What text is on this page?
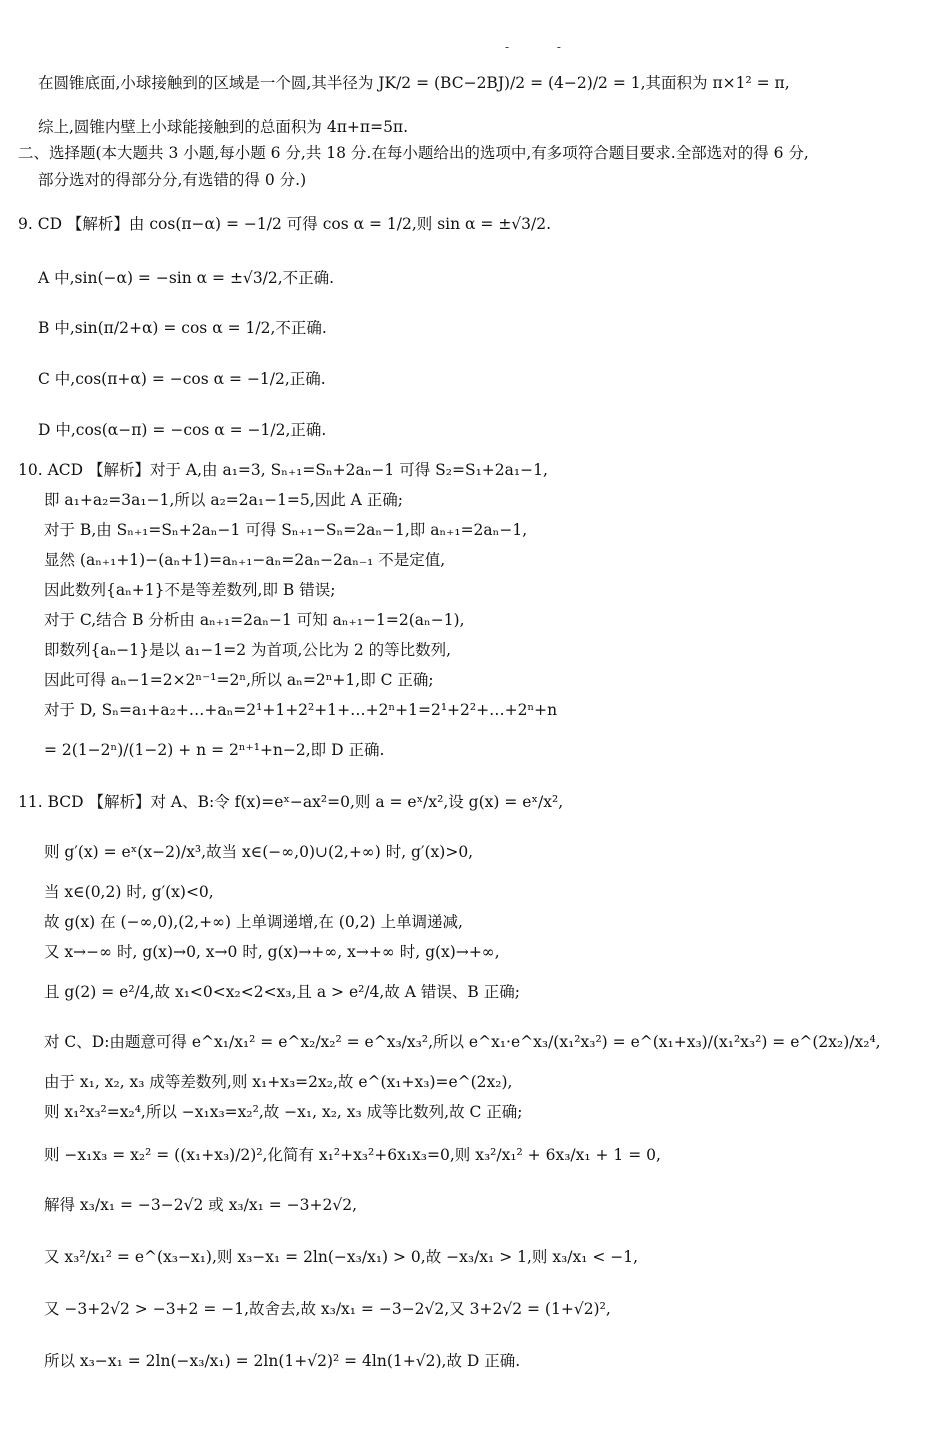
- -
在圆锥底面,小球接触到的区域是一个圆,其半径为 JK/2 = (BC−2BJ)/2 = (4−2)/2 = 1,其面积为 π×1² = π,
综上,圆锥内壁上小球能接触到的总面积为 4π+π=5π.
二、选择题(本大题共 3 小题,每小题 6 分,共 18 分.在每小题给出的选项中,有多项符合题目要求.全部选对的得 6 分,
部分选对的得部分分,有选错的得 0 分.)
9. CD 【解析】由 cos(π−α) = −1/2 可得 cos α = 1/2,则 sin α = ±√3/2.
A 中,sin(−α) = −sin α = ±√3/2,不正确.
B 中,sin(π/2+α) = cos α = 1/2,不正确.
C 中,cos(π+α) = −cos α = −1/2,正确.
D 中,cos(α−π) = −cos α = −1/2,正确.
10. ACD 【解析】对于 A,由 a₁=3, Sₙ₊₁=Sₙ+2aₙ−1 可得 S₂=S₁+2a₁−1,
即 a₁+a₂=3a₁−1,所以 a₂=2a₁−1=5,因此 A 正确;
对于 B,由 Sₙ₊₁=Sₙ+2aₙ−1 可得 Sₙ₊₁−Sₙ=2aₙ−1,即 aₙ₊₁=2aₙ−1,
显然 (aₙ₊₁+1)−(aₙ+1)=aₙ₊₁−aₙ=2aₙ−2aₙ₋₁ 不是定值,
因此数列{aₙ+1}不是等差数列,即 B 错误;
对于 C,结合 B 分析由 aₙ₊₁=2aₙ−1 可知 aₙ₊₁−1=2(aₙ−1),
即数列{aₙ−1}是以 a₁−1=2 为首项,公比为 2 的等比数列,
因此可得 aₙ−1=2×2ⁿ⁻¹=2ⁿ,所以 aₙ=2ⁿ+1,即 C 正确;
对于 D, Sₙ=a₁+a₂+…+aₙ=2¹+1+2²+1+…+2ⁿ+1=2¹+2²+…+2ⁿ+n
= 2(1−2ⁿ)/(1−2) + n = 2ⁿ⁺¹+n−2,即 D 正确.
11. BCD 【解析】对 A、B:令 f(x)=eˣ−ax²=0,则 a = eˣ/x²,设 g(x) = eˣ/x²,
则 g′(x) = eˣ(x−2)/x³,故当 x∈(−∞,0)∪(2,+∞) 时, g′(x)>0,
当 x∈(0,2) 时, g′(x)<0,
故 g(x) 在 (−∞,0),(2,+∞) 上单调递增,在 (0,2) 上单调递减,
又 x→−∞ 时, g(x)→0, x→0 时, g(x)→+∞, x→+∞ 时, g(x)→+∞,
且 g(2) = e²/4,故 x₁<0<x₂<2<x₃,且 a > e²/4,故 A 错误、B 正确;
对 C、D:由题意可得 e^x₁/x₁² = e^x₂/x₂² = e^x₃/x₃²,所以 e^x₁·e^x₃/(x₁²x₃²) = e^(x₁+x₃)/(x₁²x₃²) = e^(2x₂)/x₂⁴,
由于 x₁, x₂, x₃ 成等差数列,则 x₁+x₃=2x₂,故 e^(x₁+x₃)=e^(2x₂),
则 x₁²x₃²=x₂⁴,所以 −x₁x₃=x₂²,故 −x₁, x₂, x₃ 成等比数列,故 C 正确;
则 −x₁x₃ = x₂² = ((x₁+x₃)/2)²,化简有 x₁²+x₃²+6x₁x₃=0,则 x₃²/x₁² + 6x₃/x₁ + 1 = 0,
解得 x₃/x₁ = −3−2√2 或 x₃/x₁ = −3+2√2,
又 x₃²/x₁² = e^(x₃−x₁),则 x₃−x₁ = 2ln(−x₃/x₁) > 0,故 −x₃/x₁ > 1,则 x₃/x₁ < −1,
又 −3+2√2 > −3+2 = −1,故舍去,故 x₃/x₁ = −3−2√2,又 3+2√2 = (1+√2)²,
所以 x₃−x₁ = 2ln(−x₃/x₁) = 2ln(1+√2)² = 4ln(1+√2),故 D 正确.
